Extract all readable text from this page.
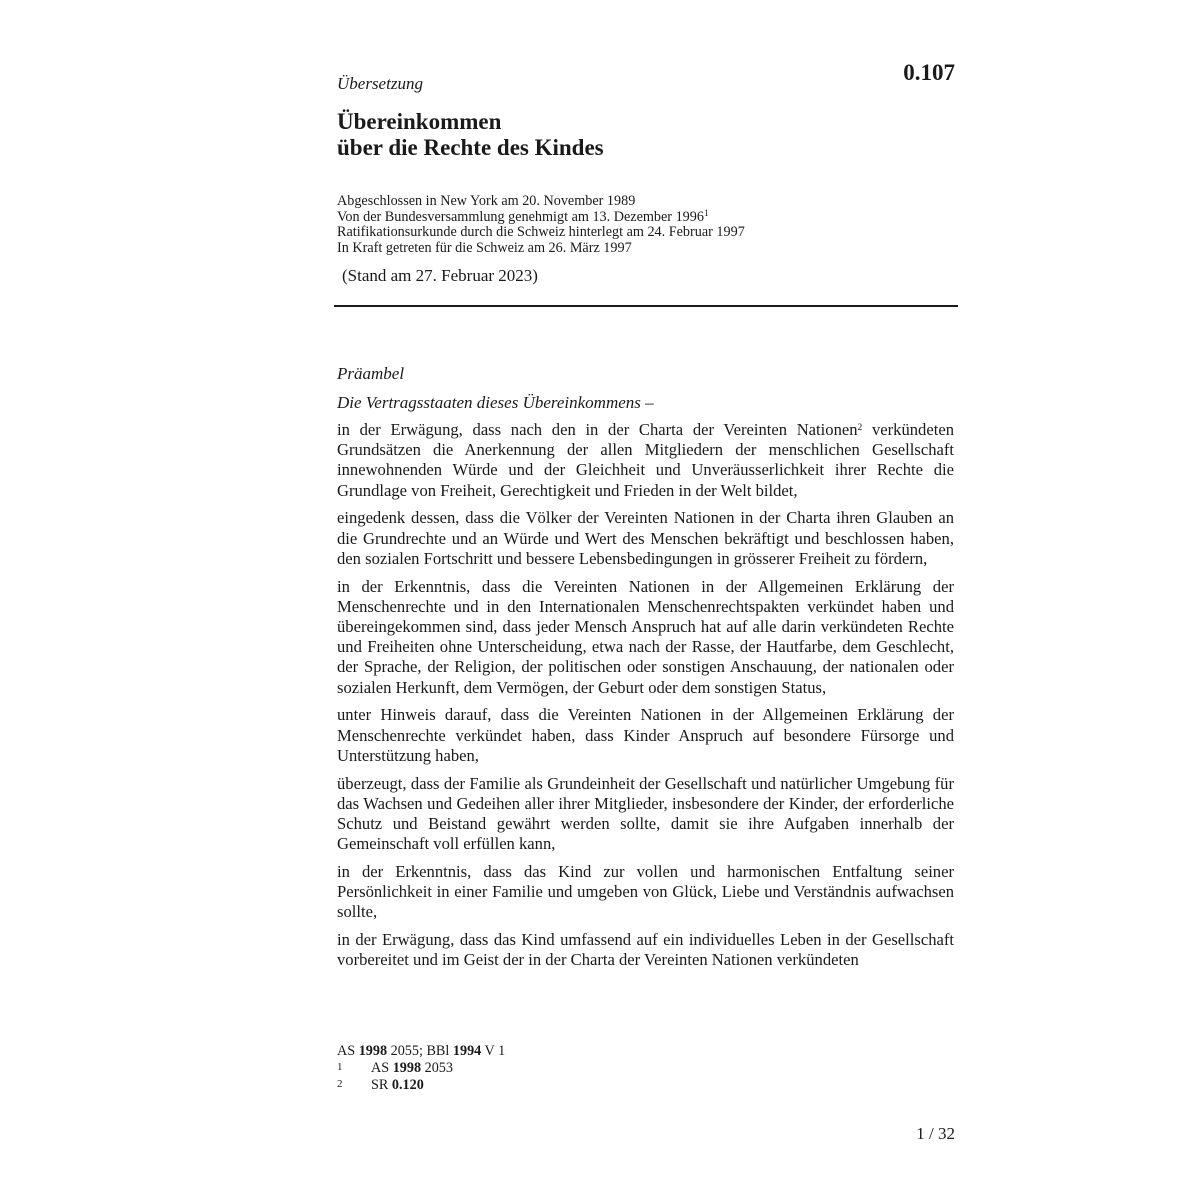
Übersetzung	0.107
Übereinkommen
über die Rechte des Kindes
Abgeschlossen in New York am 20. November 1989
Von der Bundesversammlung genehmigt am 13. Dezember 1996$^1$
Ratifikationsurkunde durch die Schweiz hinterlegt am 24. Februar 1997
In Kraft getreten für die Schweiz am 26. März 1997
(Stand am 27. Februar 2023)
Präambel
Die Vertragsstaaten dieses Übereinkommens –

in der Erwägung, dass nach den in der Charta der Vereinten Nationen$^2$ verkündeten Grundsätzen die Anerkennung der allen Mitgliedern der menschlichen Gesellschaft innewohnenden Würde und der Gleichheit und Unveräusserlichkeit ihrer Rechte die Grundlage von Freiheit, Gerechtigkeit und Frieden in der Welt bildet,

eingedenk dessen, dass die Völker der Vereinten Nationen in der Charta ihren Glauben an die Grundrechte und an Würde und Wert des Menschen bekräftigt und beschlossen haben, den sozialen Fortschritt und bessere Lebensbedingungen in grösserer Freiheit zu fördern,

in der Erkenntnis, dass die Vereinten Nationen in der Allgemeinen Erklärung der Menschenrechte und in den Internationalen Menschenrechtspakten verkündet haben und übereingekommen sind, dass jeder Mensch Anspruch hat auf alle darin verkündeten Rechte und Freiheiten ohne Unterscheidung, etwa nach der Rasse, der Hautfarbe, dem Geschlecht, der Sprache, der Religion, der politischen oder sonstigen Anschauung, der nationalen oder sozialen Herkunft, dem Vermögen, der Geburt oder dem sonstigen Status,

unter Hinweis darauf, dass die Vereinten Nationen in der Allgemeinen Erklärung der Menschenrechte verkündet haben, dass Kinder Anspruch auf besondere Fürsorge und Unterstützung haben,

überzeugt, dass der Familie als Grundeinheit der Gesellschaft und natürlicher Umgebung für das Wachsen und Gedeihen aller ihrer Mitglieder, insbesondere der Kinder, der erforderliche Schutz und Beistand gewährt werden sollte, damit sie ihre Aufgaben innerhalb der Gemeinschaft voll erfüllen kann,

in der Erkenntnis, dass das Kind zur vollen und harmonischen Entfaltung seiner Persönlichkeit in einer Familie und umgeben von Glück, Liebe und Verständnis aufwachsen sollte,

in der Erwägung, dass das Kind umfassend auf ein individuelles Leben in der Gesellschaft vorbereitet und im Geist der in der Charta der Vereinten Nationen verkündeten

AS 1998 2055; BBl 1994 V 1
1	AS 1998 2053
2	SR 0.120
1 / 32
